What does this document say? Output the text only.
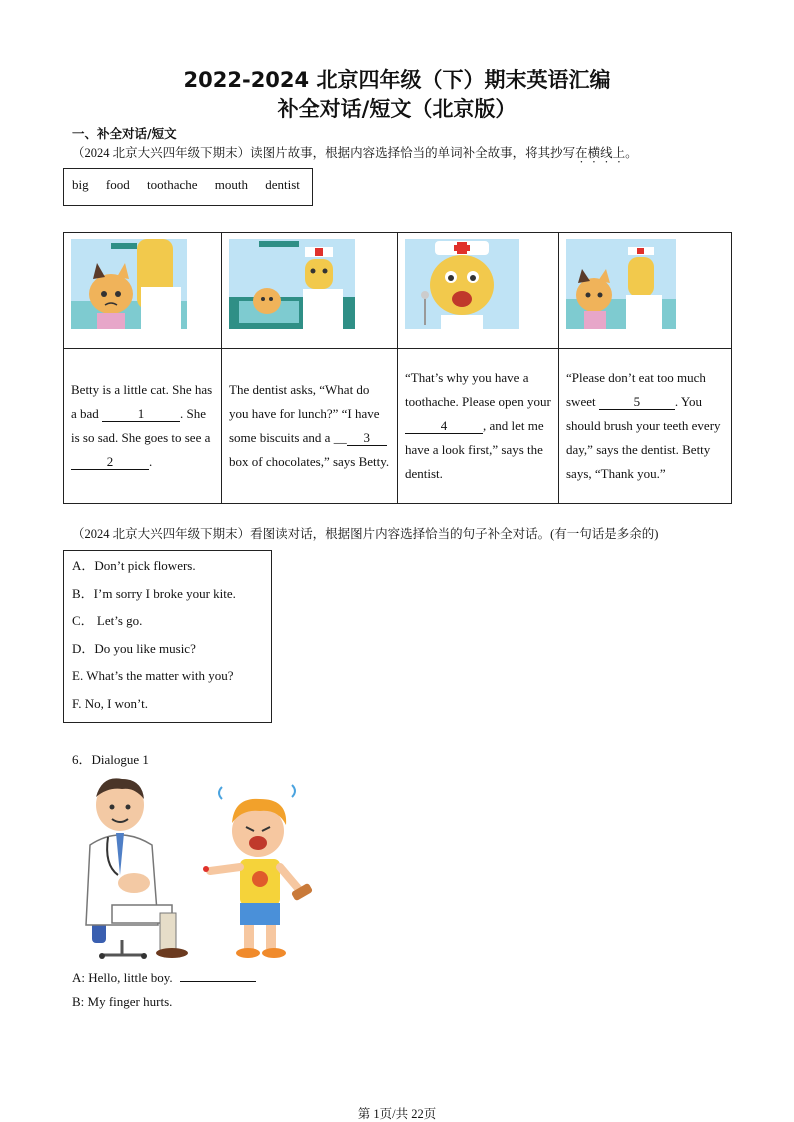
2022-2024 北京四年级（下）期末英语汇编
补全对话/短文（北京版）
一、补全对话/短文
（2024 北京大兴四年级下期末）读图片故事，根据内容选择恰当的单词补全故事，将其抄写在横线上。
big food toothache mouth dentist

Betty is a little cat. She has a bad 1 . She is so sad. She goes to see a 2 .	The dentist asks, “What do you have for lunch?” “I have some biscuits and a __ 3 box of chocolates,” says Betty.	“That’s why you have a toothache. Please open your 4 , and let me have a look first,” says the dentist.	“Please don’t eat too much sweet 5 . You should brush your teeth every day,” says the dentist. Betty says, “Thank you.”
（2024 北京大兴四年级下期末）看图读对话，根据图片内容选择恰当的句子补全对话。(有一句话是多余的)
A．Don’t pick flowers.
B．I’m sorry I broke your kite.
C． Let’s go.
D．Do you like music?
E. What’s the matter with you?
F. No, I won’t.
6．Dialogue 1
A: Hello, little boy.
B: My finger hurts.
第 1页/共 22页
